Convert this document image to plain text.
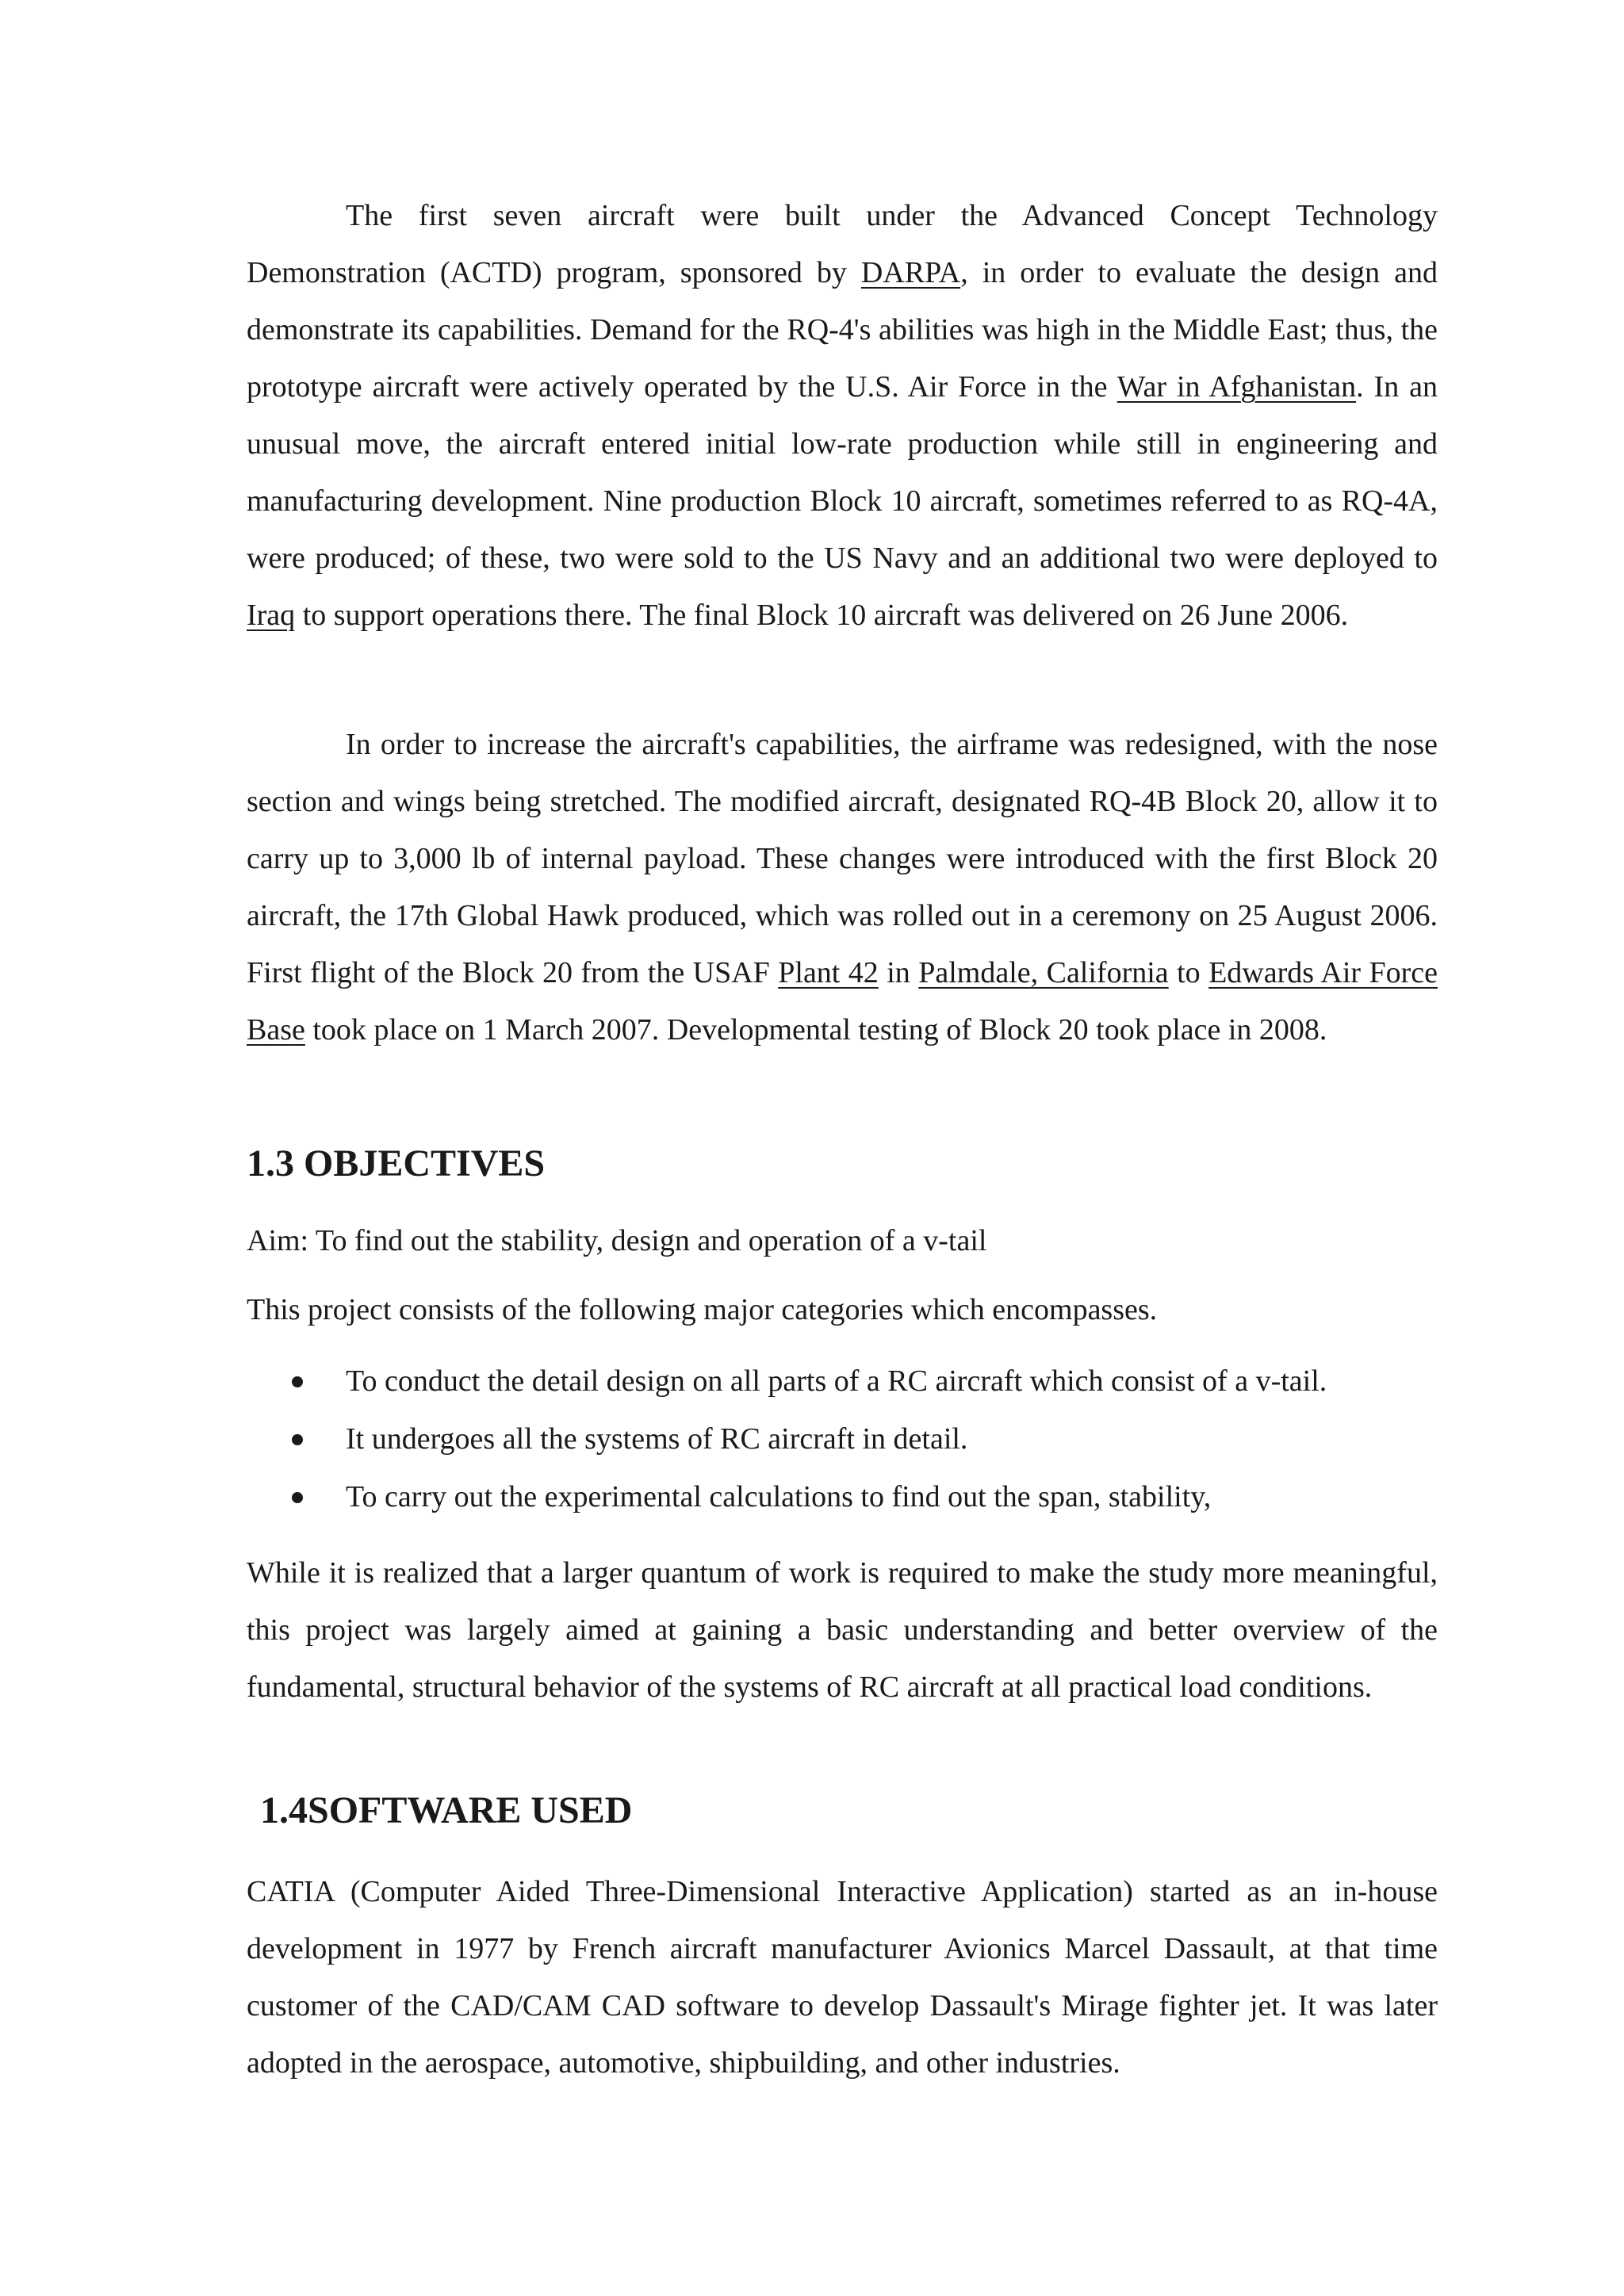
The first seven aircraft were built under the Advanced Concept Technology Demonstration (ACTD) program, sponsored by DARPA, in order to evaluate the design and demonstrate its capabilities. Demand for the RQ-4's abilities was high in the Middle East; thus, the prototype aircraft were actively operated by the U.S. Air Force in the War in Afghanistan. In an unusual move, the aircraft entered initial low-rate production while still in engineering and manufacturing development. Nine production Block 10 aircraft, sometimes referred to as RQ-4A, were produced; of these, two were sold to the US Navy and an additional two were deployed to Iraq to support operations there. The final Block 10 aircraft was delivered on 26 June 2006.

In order to increase the aircraft's capabilities, the airframe was redesigned, with the nose section and wings being stretched. The modified aircraft, designated RQ-4B Block 20, allow it to carry up to 3,000 lb of internal payload. These changes were introduced with the first Block 20 aircraft, the 17th Global Hawk produced, which was rolled out in a ceremony on 25 August 2006. First flight of the Block 20 from the USAF Plant 42 in Palmdale, California to Edwards Air Force Base took place on 1 March 2007. Developmental testing of Block 20 took place in 2008.

1.3 OBJECTIVES

Aim: To find out the stability, design and operation of a v-tail

This project consists of the following major categories which encompasses.

To conduct the detail design on all parts of a RC aircraft which consist of a v-tail.
It undergoes all the systems of RC aircraft in detail.
To carry out the experimental calculations to find out the span, stability,

While it is realized that a larger quantum of work is required to make the study more meaningful, this project was largely aimed at gaining a basic understanding and better overview of the fundamental, structural behavior of the systems of RC aircraft at all practical load conditions.

1.4SOFTWARE USED

CATIA (Computer Aided Three-Dimensional Interactive Application) started as an in-house development in 1977 by French aircraft manufacturer Avionics Marcel Dassault, at that time customer of the CAD/CAM CAD software to develop Dassault's Mirage fighter jet. It was later adopted in the aerospace, automotive, shipbuilding, and other industries.
